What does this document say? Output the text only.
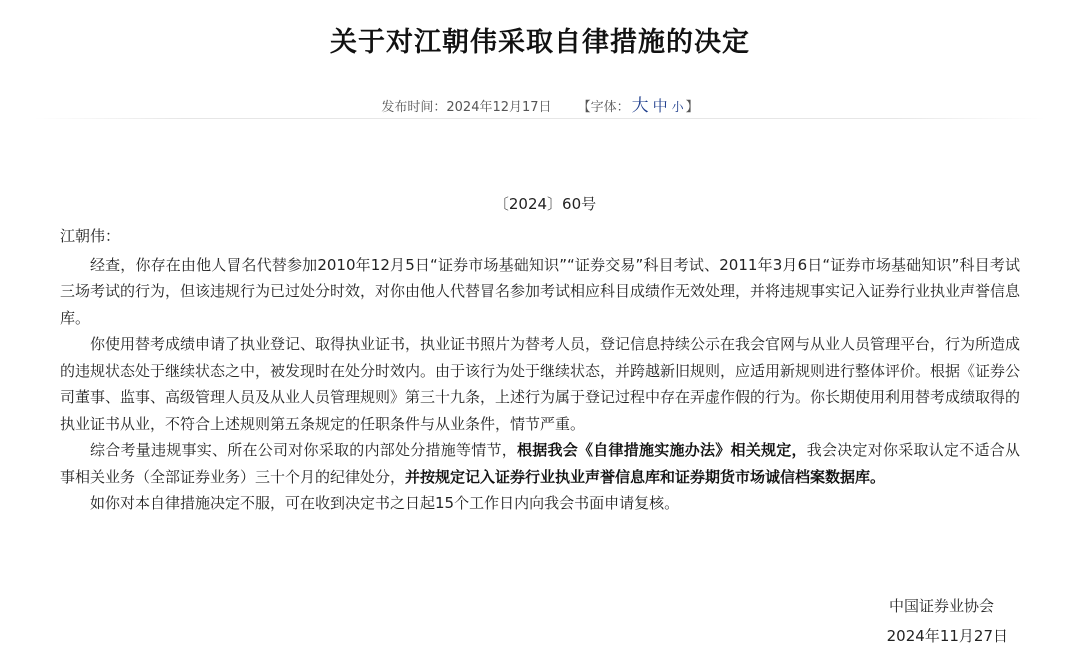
关于对江朝伟采取自律措施的决定
发布时间：2024年12月17日 【字体： 大 中 小 】
〔2024〕60号

江朝伟：

经查，你存在由他人冒名代替参加2010年12月5日“证券市场基础知识”“证券交易”科目考试、2011年3月6日“证券市场基础知识”科目考试三场考试的行为，但该违规行为已过处分时效，对你由他人代替冒名参加考试相应科目成绩作无效处理，并将违规事实记入证券行业执业声誉信息库。

你使用替考成绩申请了执业登记、取得执业证书，执业证书照片为替考人员，登记信息持续公示在我会官网与从业人员管理平台，行为所造成的违规状态处于继续状态之中，被发现时在处分时效内。由于该行为处于继续状态，并跨越新旧规则，应适用新规则进行整体评价。根据《证券公司董事、监事、高级管理人员及从业人员管理规则》第三十九条，上述行为属于登记过程中存在弄虚作假的行为。你长期使用利用替考成绩取得的执业证书从业，不符合上述规则第五条规定的任职条件与从业条件，情节严重。

综合考量违规事实、所在公司对你采取的内部处分措施等情节，根据我会《自律措施实施办法》相关规定，我会决定对你采取认定不适合从事相关业务（全部证券业务）三十个月的纪律处分，并按规定记入证券行业执业声誉信息库和证券期货市场诚信档案数据库。

如你对本自律措施决定不服，可在收到决定书之日起15个工作日内向我会书面申请复核。

中国证券业协会
2024年11月27日
